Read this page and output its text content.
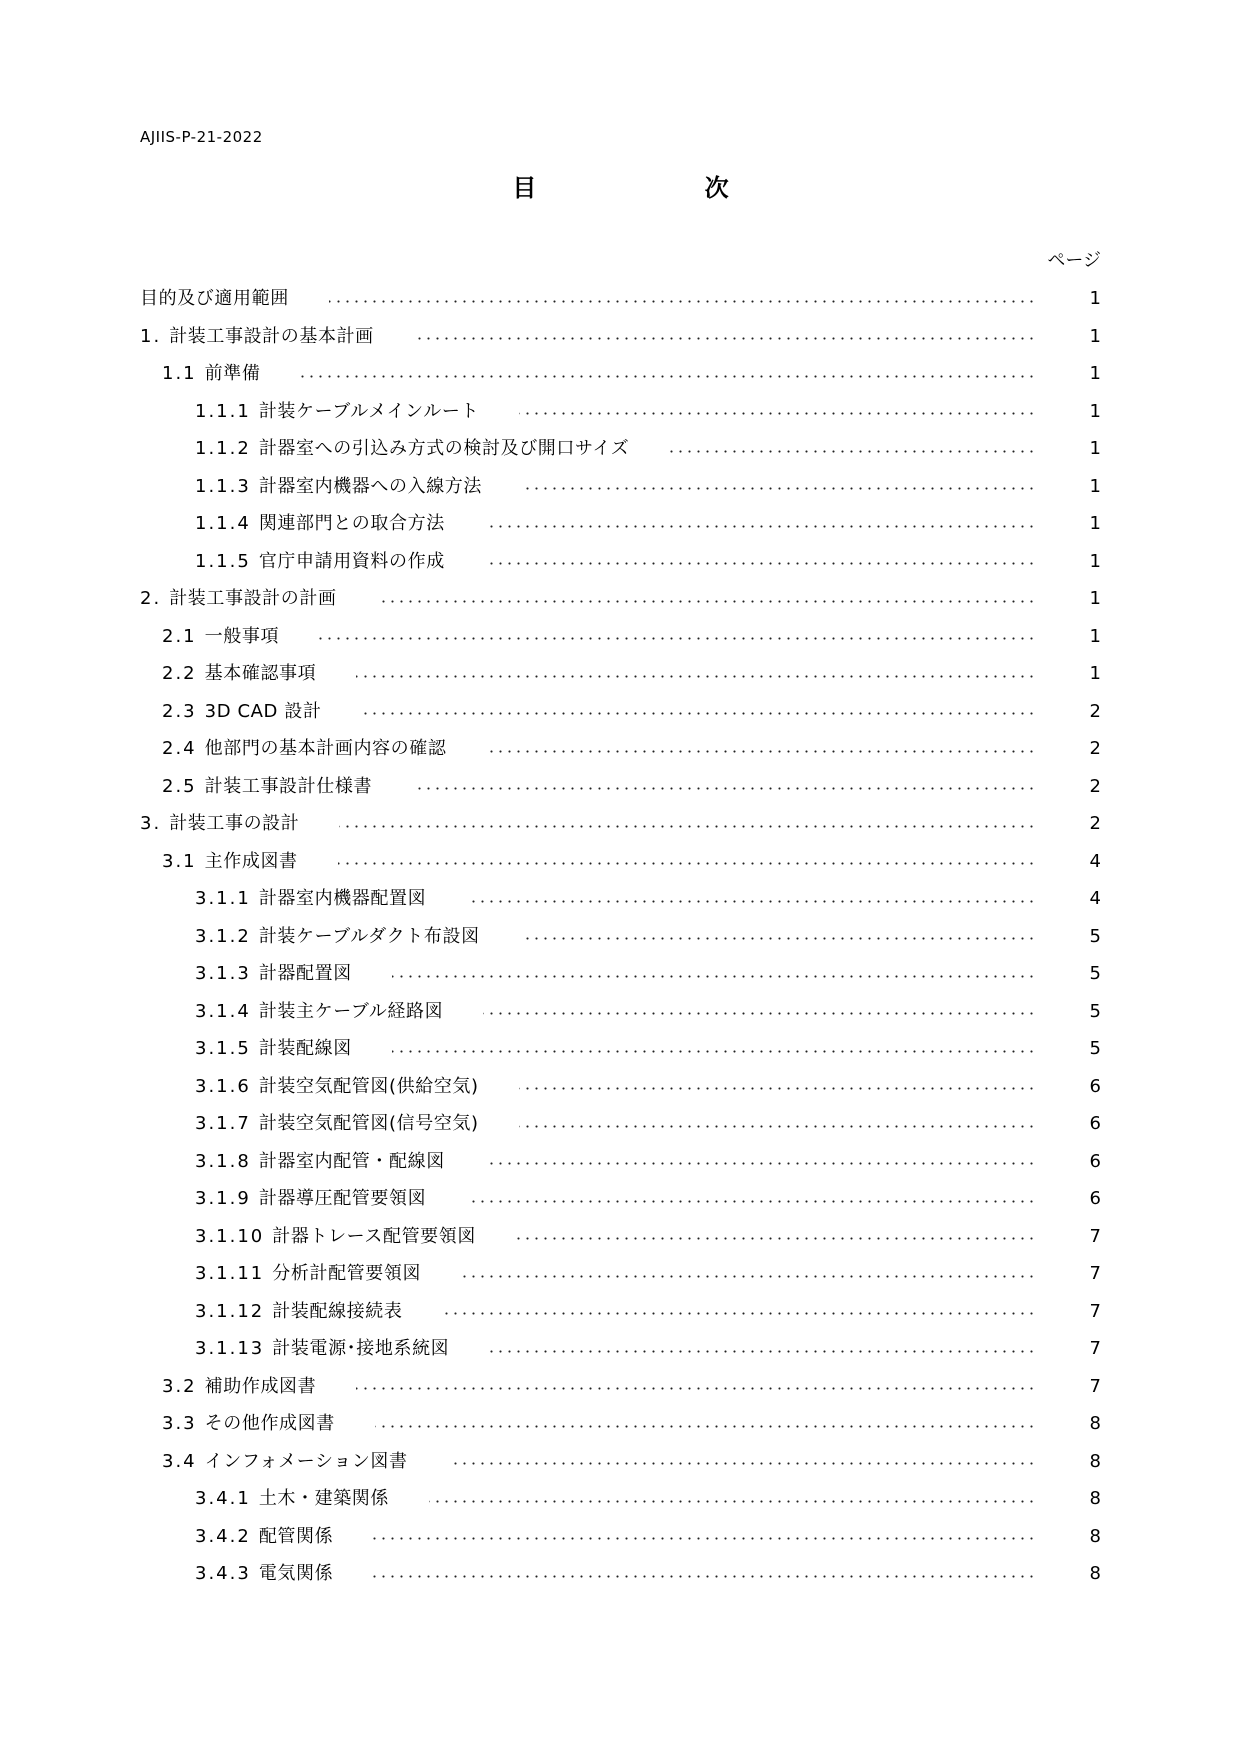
AJIIS-P-21-2022
目 次
ページ
目的及び適用範囲	1
1. 計装工事設計の基本計画	1
1.1 前準備	1
1.1.1 計装ケーブルメインルート	1
1.1.2 計器室への引込み方式の検討及び開口サイズ	1
1.1.3 計器室内機器への入線方法	1
1.1.4 関連部門との取合方法	1
1.1.5 官庁申請用資料の作成	1
2. 計装工事設計の計画	1
2.1 一般事項	1
2.2 基本確認事項	1
2.3 3D CAD 設計	2
2.4 他部門の基本計画内容の確認	2
2.5 計装工事設計仕様書	2
3. 計装工事の設計	2
3.1 主作成図書	4
3.1.1 計器室内機器配置図	4
3.1.2 計装ケーブルダクト布設図	5
3.1.3 計器配置図	5
3.1.4 計装主ケーブル経路図	5
3.1.5 計装配線図	5
3.1.6 計装空気配管図(供給空気)	6
3.1.7 計装空気配管図(信号空気)	6
3.1.8 計器室内配管・配線図	6
3.1.9 計器導圧配管要領図	6
3.1.10 計器トレース配管要領図	7
3.1.11 分析計配管要領図	7
3.1.12 計装配線接続表	7
3.1.13 計装電源･接地系統図	7
3.2 補助作成図書	7
3.3 その他作成図書	8
3.4 インフォメーション図書	8
3.4.1 土木・建築関係	8
3.4.2 配管関係	8
3.4.3 電気関係	8
